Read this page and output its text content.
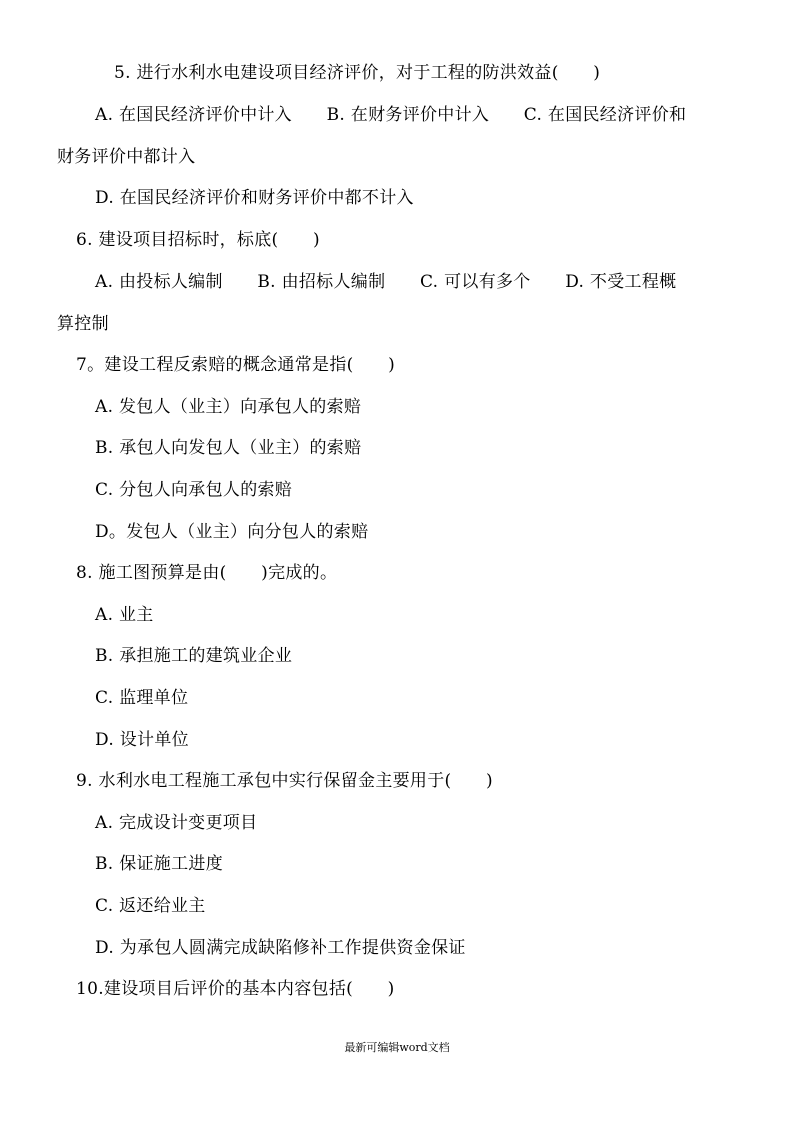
5. 进行水利水电建设项目经济评价，对于工程的防洪效益(　　)
A. 在国民经济评价中计入　　B. 在财务评价中计入　　C. 在国民经济评价和
财务评价中都计入
D. 在国民经济评价和财务评价中都不计入
6. 建设项目招标时，标底(　　)
A. 由投标人编制　　B. 由招标人编制　　C. 可以有多个　　D. 不受工程概
算控制
7。建设工程反索赔的概念通常是指(　　)
A. 发包人（业主）向承包人的索赔
B. 承包人向发包人（业主）的索赔
C. 分包人向承包人的索赔
D。发包人（业主）向分包人的索赔
8. 施工图预算是由(　　)完成的。
A. 业主
B. 承担施工的建筑业企业
C. 监理单位
D. 设计单位
9. 水利水电工程施工承包中实行保留金主要用于(　　)
A. 完成设计变更项目
B. 保证施工进度
C. 返还给业主
D. 为承包人圆满完成缺陷修补工作提供资金保证
10.建设项目后评价的基本内容包括(　　)
最新可编辑word文档
